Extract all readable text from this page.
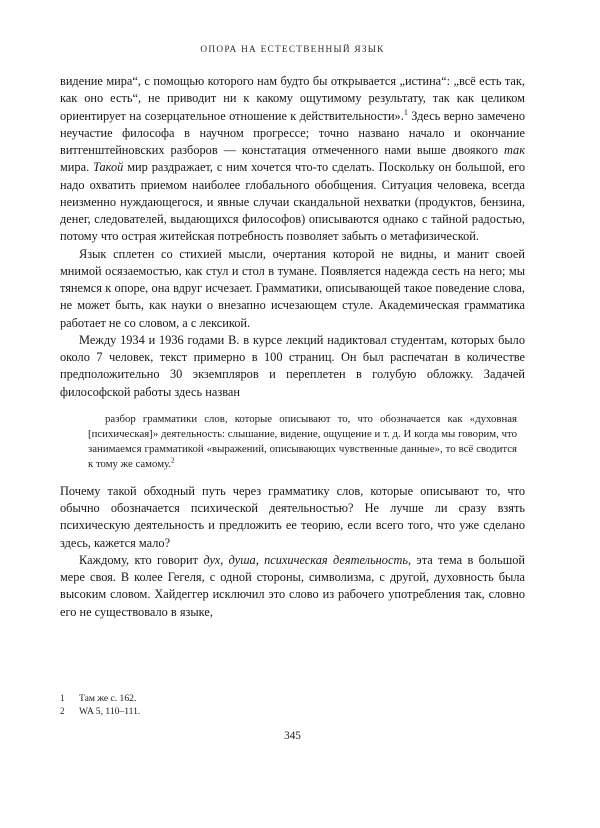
ОПОРА НА ЕСТЕСТВЕННЫЙ ЯЗЫК

видение мира“, с помощью которого нам будто бы открывается „истина“: „всё есть так, как оно есть“, не приводит ни к какому ощутимому результату, так как целиком ориентирует на созерцательное отношение к действительности».$^1$ Здесь верно замечено неучастие философа в научном прогрессе; точно названо начало и окончание витгенштейновских разборов — констатация отмеченного нами выше двоякого так мира. Такой мир раздражает, с ним хочется что-то сделать. Поскольку он большой, его надо охватить приемом наиболее глобального обобщения. Ситуация человека, всегда неизменно нуждающегося, и явные случаи скандальной нехватки (продуктов, бензина, денег, следователей, выдающихся философов) описываются однако с тайной радостью, потому что острая житейская потребность позволяет забыть о метафизической.

Язык сплетен со стихией мысли, очертания которой не видны, и манит своей мнимой осязаемостью, как стул и стол в тумане. Появляется надежда сесть на него; мы тянемся к опоре, она вдруг исчезает. Грамматики, описывающей такое поведение слова, не может быть, как науки о внезапно исчезающем стуле. Академическая грамматика работает не со словом, а с лексикой.

Между 1934 и 1936 годами В. в курсе лекций надиктовал студентам, которых было около 7 человек, текст примерно в 100 страниц. Он был распечатан в количестве предположительно 30 экземпляров и переплетен в голубую обложку. Задачей философской работы здесь назван

разбор грамматики слов, которые описывают то, что обозначается как «духовная [психическая]» деятельность: слышание, видение, ощущение и т. д. И когда мы говорим, что занимаемся грамматикой «выражений, описывающих чувственные данные», то всё сводится к тому же самому.$^2$

Почему такой обходный путь через грамматику слов, которые описывают то, что обычно обозначается психической деятельностью? Не лучше ли сразу взять психическую деятельность и предложить ее теорию, если всего того, что уже сделано здесь, кажется мало?

Каждому, кто говорит дух, душа, психическая деятельность, эта тема в большой мере своя. В колее Гегеля, с одной стороны, символизма, с другой, духовность была высоким словом. Хайдеггер исключил это слово из рабочего употребления так, словно его не существовало в языке,

1	Там же с. 162.
2	WA 5, 110–111.
345
